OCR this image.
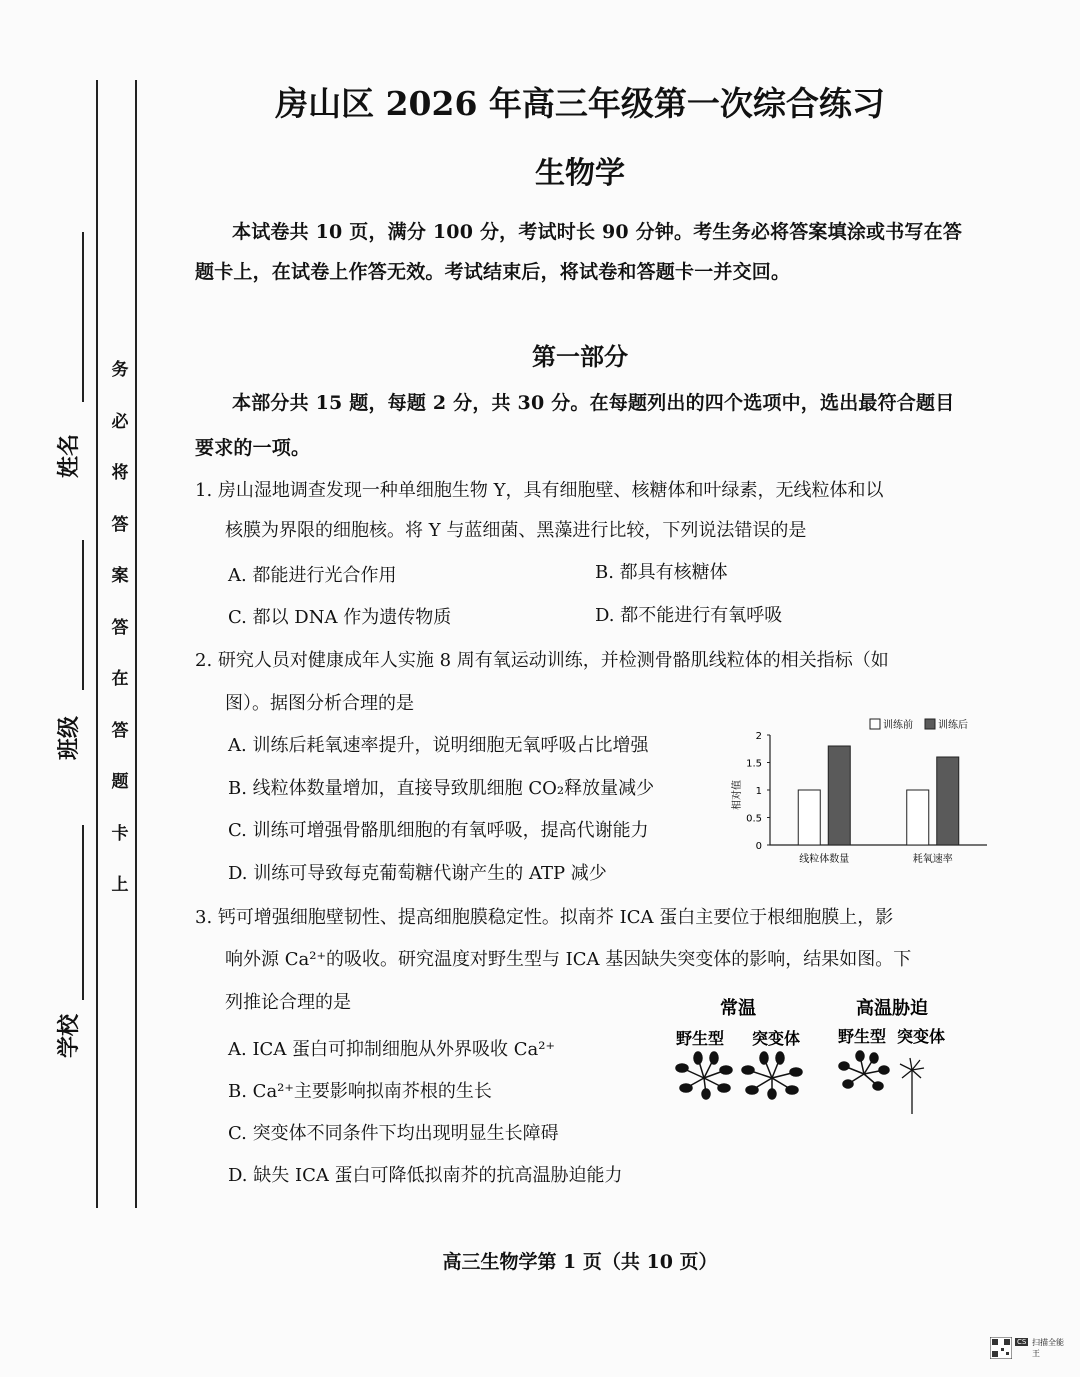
务
必
将
答
案
答
在
答
题
卡
上
姓名
班级
学校
房山区 2026 年高三年级第一次综合练习
生物学
本试卷共 10 页，满分 100 分，考试时长 90 分钟。考生务必将答案填涂或书写在答
题卡上，在试卷上作答无效。考试结束后，将试卷和答题卡一并交回。
第一部分
本部分共 15 题，每题 2 分，共 30 分。在每题列出的四个选项中，选出最符合题目
要求的一项。
1. 房山湿地调查发现一种单细胞生物 Y，具有细胞壁、核糖体和叶绿素，无线粒体和以
核膜为界限的细胞核。将 Y 与蓝细菌、黑藻进行比较，下列说法错误的是
A. 都能进行光合作用	B. 都具有核糖体
C. 都以 DNA 作为遗传物质	D. 都不能进行有氧呼吸
2. 研究人员对健康成年人实施 8 周有氧运动训练，并检测骨骼肌线粒体的相关指标（如
图）。据图分析合理的是
A. 训练后耗氧速率提升，说明细胞无氧呼吸占比增强
B. 线粒体数量增加，直接导致肌细胞 CO₂释放量减少
C. 训练可增强骨骼肌细胞的有氧呼吸，提高代谢能力
D. 训练可导致每克葡萄糖代谢产生的 ATP 减少
训练前	训练后
相对值
0
0.5
1
1.5
2
线粒体数量	耗氧速率
3. 钙可增强细胞壁韧性、提高细胞膜稳定性。拟南芥 ICA 蛋白主要位于根细胞膜上，影
响外源 Ca²⁺的吸收。研究温度对野生型与 ICA 基因缺失突变体的影响，结果如图。下
列推论合理的是
A. ICA 蛋白可抑制细胞从外界吸收 Ca²⁺
B. Ca²⁺主要影响拟南芥根的生长
C. 突变体不同条件下均出现明显生长障碍
D. 缺失 ICA 蛋白可降低拟南芥的抗高温胁迫能力
常温	高温胁迫
野生型 突变体 野生型 突变体
高三生物学第 1 页（共 10 页）
CS 扫描全能王
